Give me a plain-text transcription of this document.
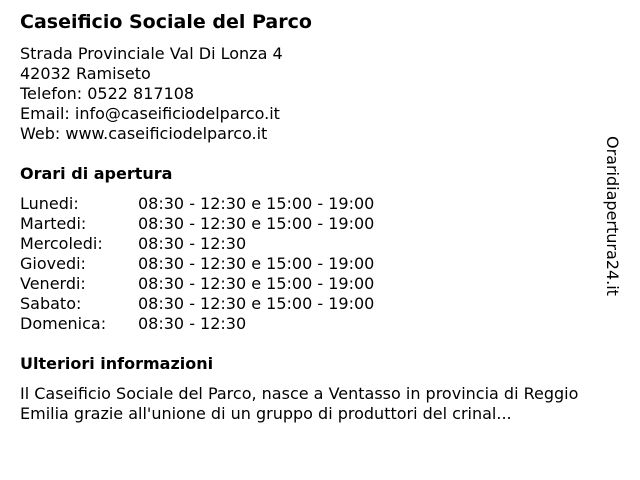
Caseificio Sociale del Parco
Strada Provinciale Val Di Lonza 4
42032 Ramiseto
Telefon: 0522 817108
Email: info@caseificiodelparco.it
Web: www.caseificiodelparco.it
Orari di apertura
Lunedi:	08:30 - 12:30 e 15:00 - 19:00
Martedi:	08:30 - 12:30 e 15:00 - 19:00
Mercoledi: 08:30 - 12:30
Giovedi:	08:30 - 12:30 e 15:00 - 19:00
Venerdi:	08:30 - 12:30 e 15:00 - 19:00
Sabato:	08:30 - 12:30 e 15:00 - 19:00
Domenica: 08:30 - 12:30
Ulteriori informazioni

Il Caseificio Sociale del Parco, nasce a Ventasso in provincia di Reggio Emilia grazie all'unione di un gruppo di produttori del crinal...

Oraridiapertura24.it
